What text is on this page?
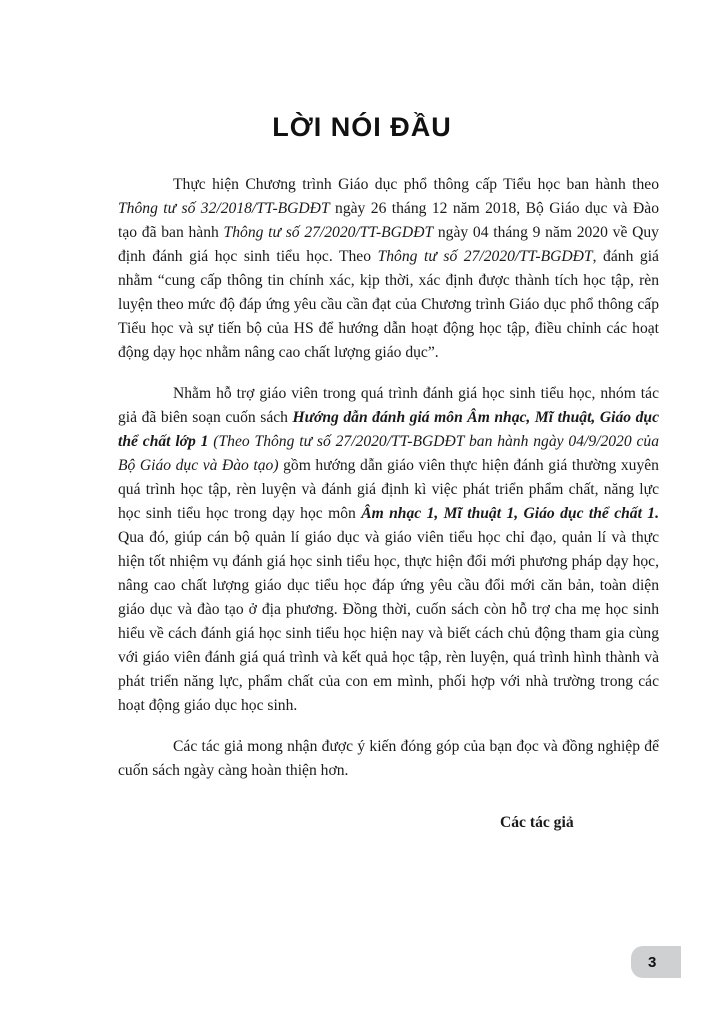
LỜI NÓI ĐẦU

Thực hiện Chương trình Giáo dục phổ thông cấp Tiểu học ban hành theo Thông tư số 32/2018/TT-BGDĐT ngày 26 tháng 12 năm 2018, Bộ Giáo dục và Đào tạo đã ban hành Thông tư số 27/2020/TT-BGDĐT ngày 04 tháng 9 năm 2020 về Quy định đánh giá học sinh tiểu học. Theo Thông tư số 27/2020/TT-BGDĐT, đánh giá nhằm “cung cấp thông tin chính xác, kịp thời, xác định được thành tích học tập, rèn luyện theo mức độ đáp ứng yêu cầu cần đạt của Chương trình Giáo dục phổ thông cấp Tiểu học và sự tiến bộ của HS để hướng dẫn hoạt động học tập, điều chỉnh các hoạt động dạy học nhằm nâng cao chất lượng giáo dục”.

Nhằm hỗ trợ giáo viên trong quá trình đánh giá học sinh tiểu học, nhóm tác giả đã biên soạn cuốn sách Hướng dẫn đánh giá môn Âm nhạc, Mĩ thuật, Giáo dục thể chất lớp 1 (Theo Thông tư số 27/2020/TT-BGDĐT ban hành ngày 04/9/2020 của Bộ Giáo dục và Đào tạo) gồm hướng dẫn giáo viên thực hiện đánh giá thường xuyên quá trình học tập, rèn luyện và đánh giá định kì việc phát triển phẩm chất, năng lực học sinh tiểu học trong dạy học môn Âm nhạc 1, Mĩ thuật 1, Giáo dục thể chất 1. Qua đó, giúp cán bộ quản lí giáo dục và giáo viên tiểu học chỉ đạo, quản lí và thực hiện tốt nhiệm vụ đánh giá học sinh tiểu học, thực hiện đổi mới phương pháp dạy học, nâng cao chất lượng giáo dục tiểu học đáp ứng yêu cầu đổi mới căn bản, toàn diện giáo dục và đào tạo ở địa phương. Đồng thời, cuốn sách còn hỗ trợ cha mẹ học sinh hiểu về cách đánh giá học sinh tiểu học hiện nay và biết cách chủ động tham gia cùng với giáo viên đánh giá quá trình và kết quả học tập, rèn luyện, quá trình hình thành và phát triển năng lực, phẩm chất của con em mình, phối hợp với nhà trường trong các hoạt động giáo dục học sinh.

Các tác giả mong nhận được ý kiến đóng góp của bạn đọc và đồng nghiệp để cuốn sách ngày càng hoàn thiện hơn.

Các tác giả
3
